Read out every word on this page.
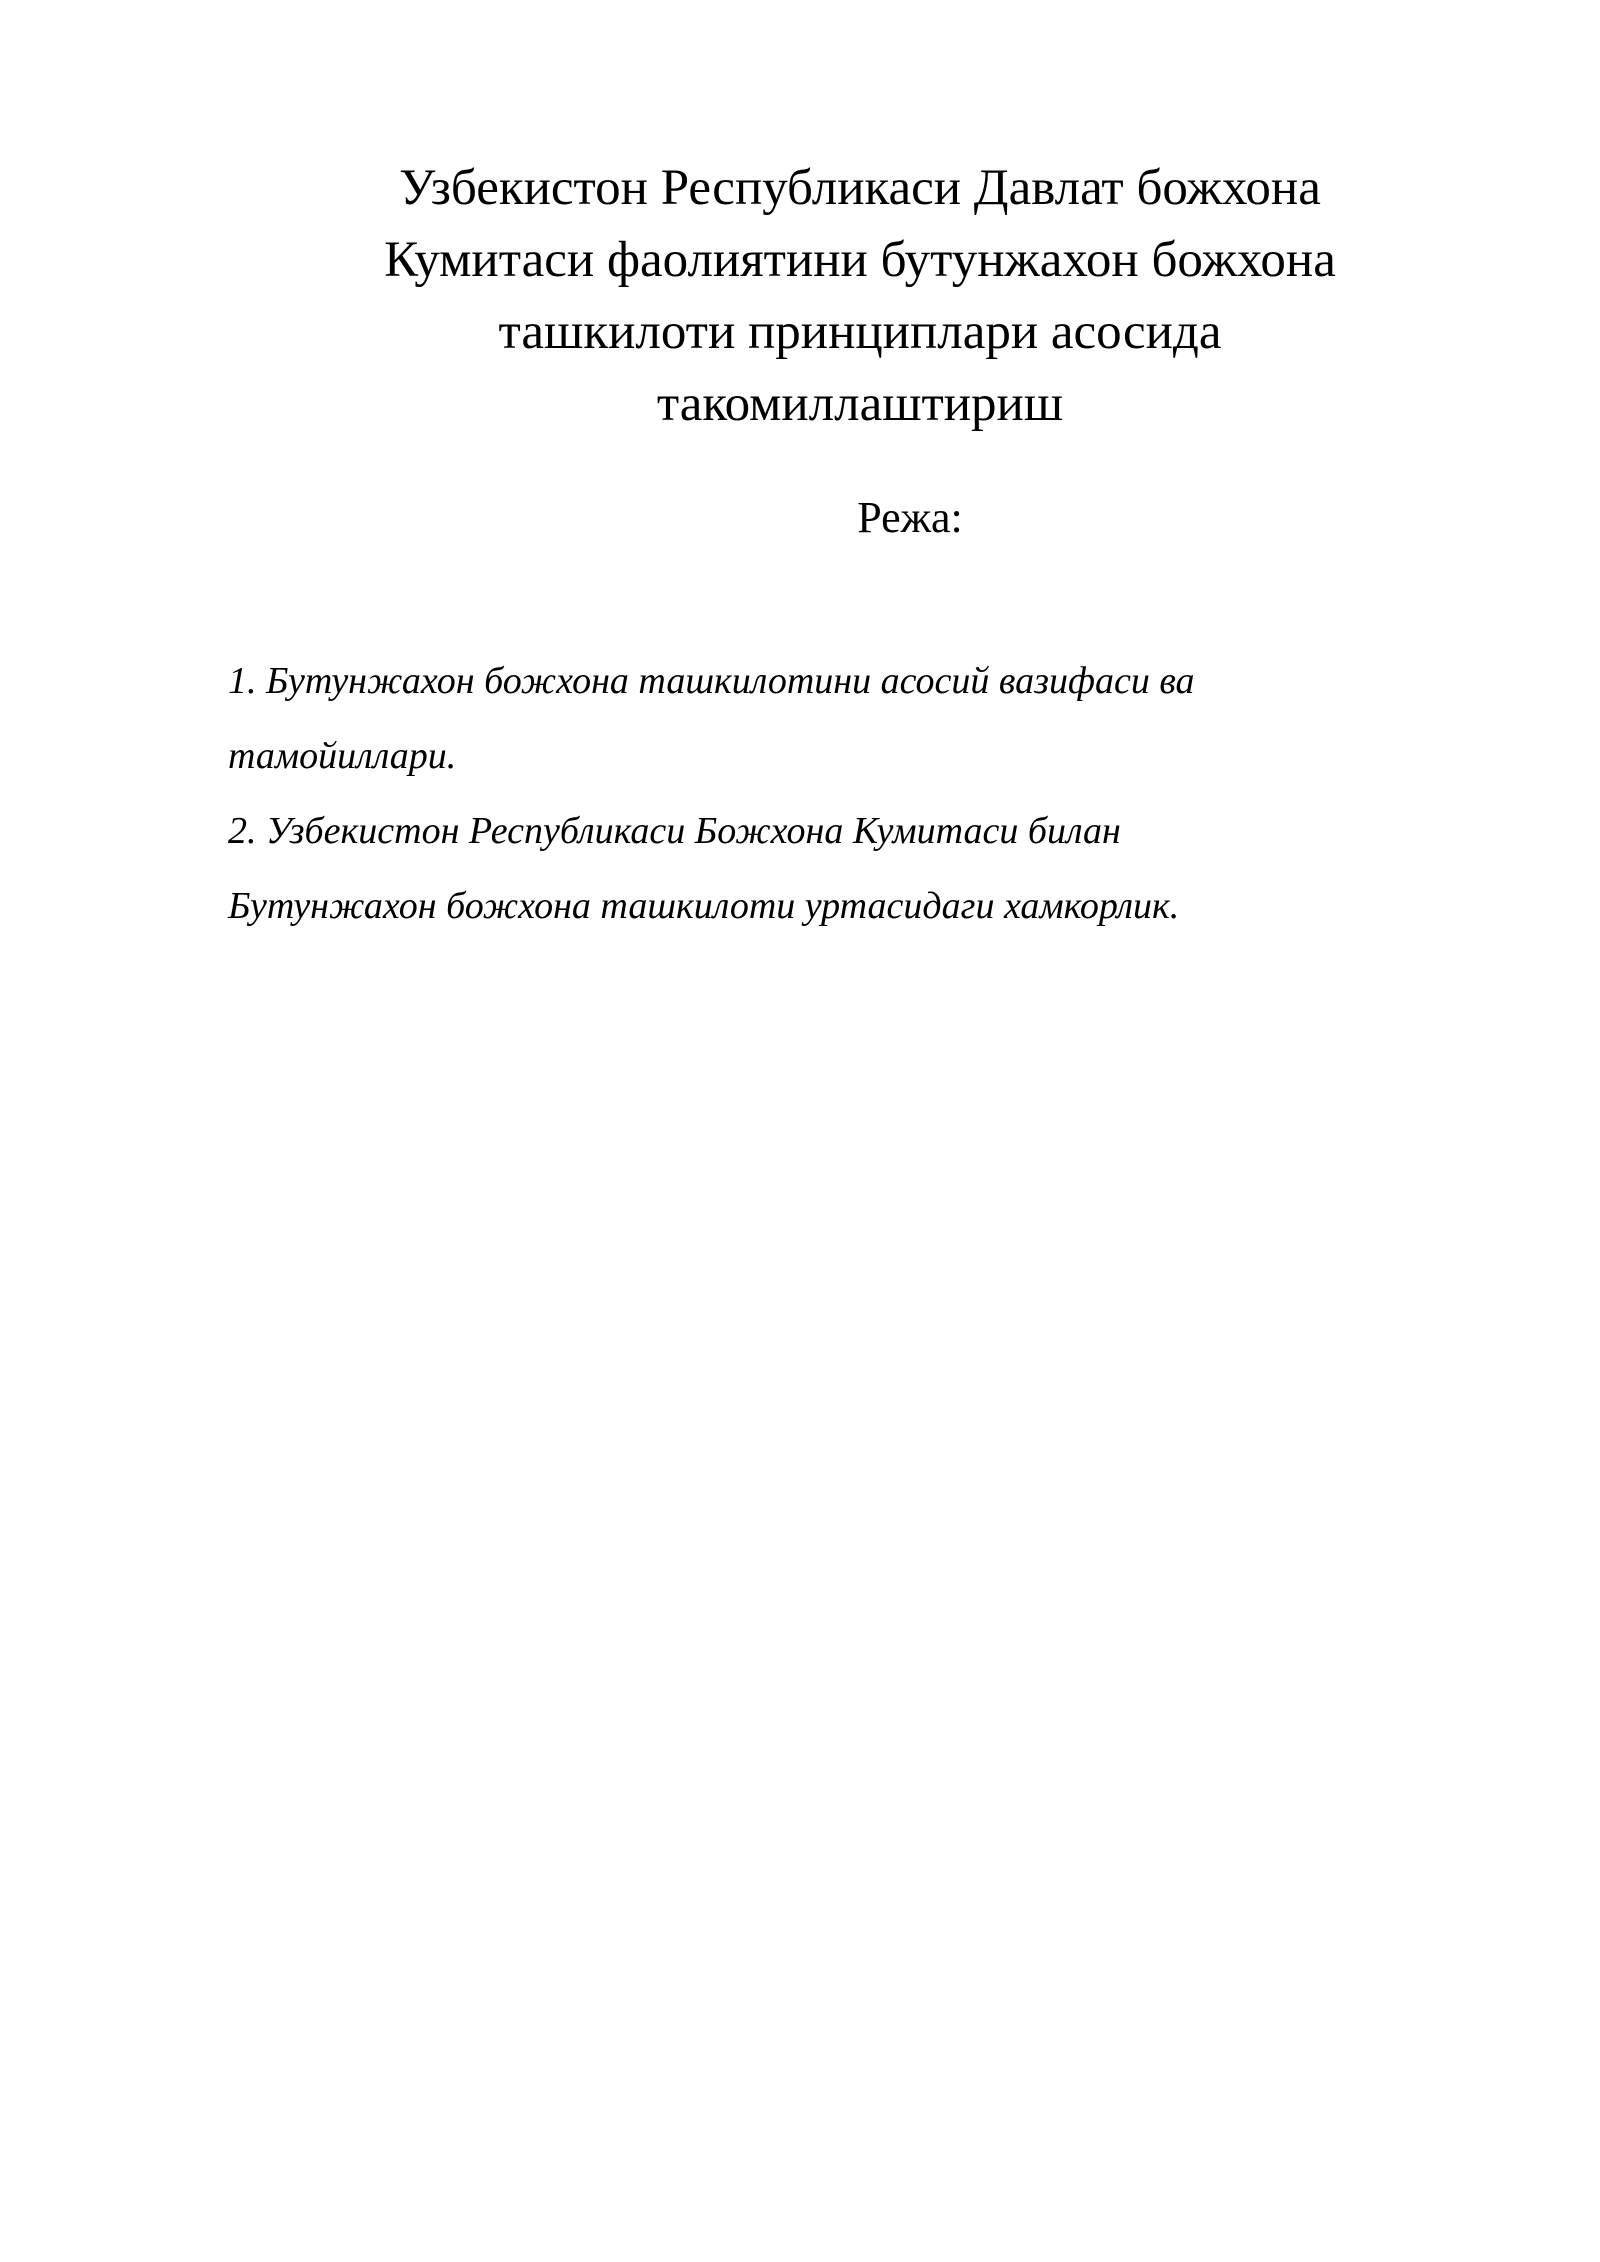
Узбекистон Республикаси Давлат божхона
Кумитаси фаолиятини бутунжахон божхона
ташкилоти принциплари асосида
такомиллаштириш
Режа:
1. Бутунжахон божхона ташкилотини асосий вазифаси ва
тамойиллари.
2. Узбекистон Республикаси Божхона Кумитаси билан
Бутунжахон божхона ташкилоти уртасидаги хамкорлик.
